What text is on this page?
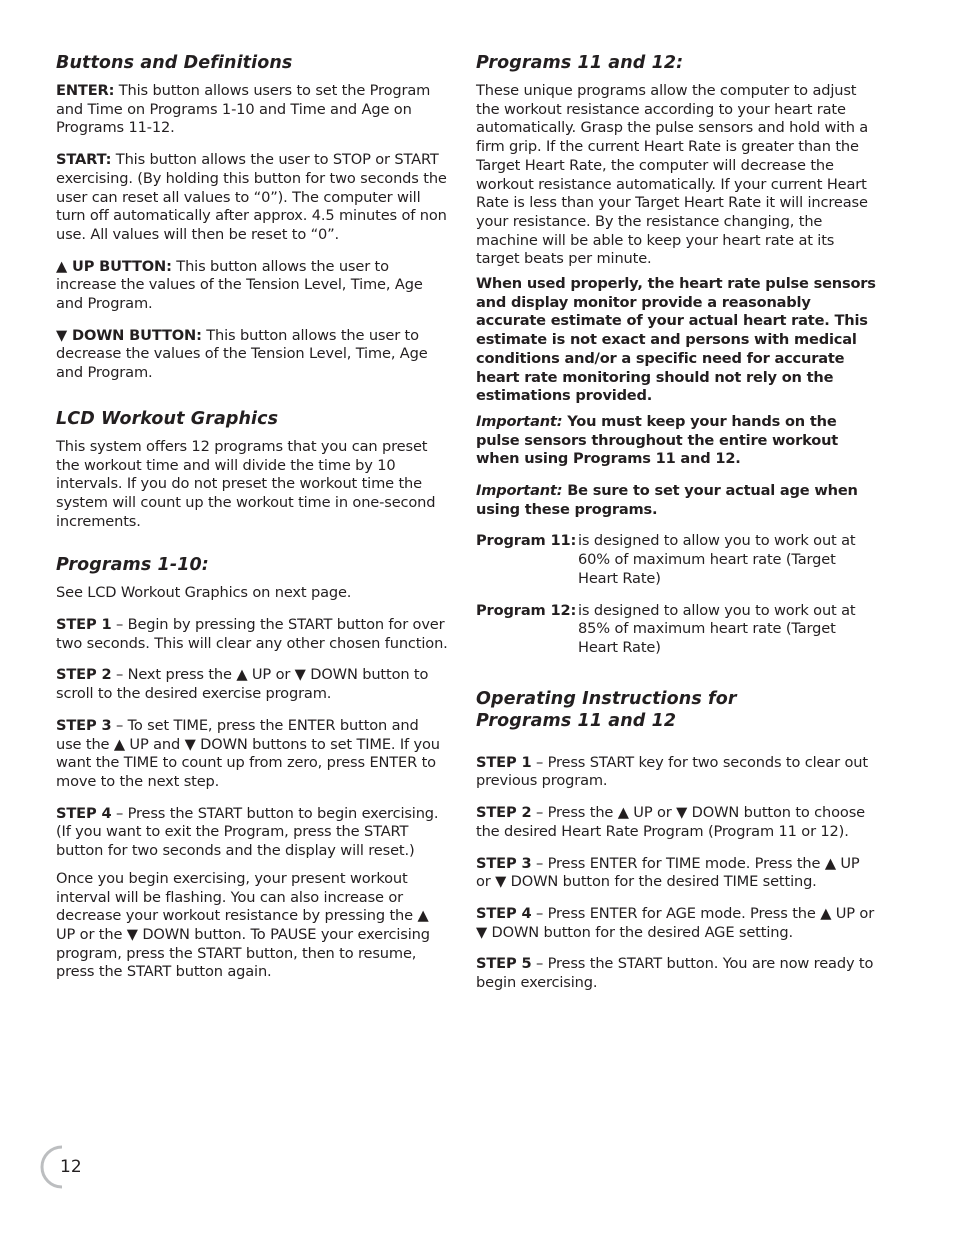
Buttons and Definitions

ENTER: This button allows users to set the Program and Time on Programs 1-10 and Time and Age on Programs 11-12.

START: This button allows the user to STOP or START exercising. (By holding this button for two seconds the user can reset all values to “0”). The computer will turn off automatically after approx. 4.5 minutes of non use. All values will then be reset to “0”.

▲ UP BUTTON: This button allows the user to increase the values of the Tension Level, Time, Age and Program.

▼ DOWN BUTTON: This button allows the user to decrease the values of the Tension Level, Time, Age and Program.

LCD Workout Graphics

This system offers 12 programs that you can preset the workout time and will divide the time by 10 intervals. If you do not preset the workout time the system will count up the workout time in one-second increments.

Programs 1-10:

See LCD Workout Graphics on next page.

STEP 1 – Begin by pressing the START button for over two seconds. This will clear any other chosen function.

STEP 2 – Next press the ▲ UP or ▼ DOWN button to scroll to the desired exercise program.

STEP 3 – To set TIME, press the ENTER button and use the ▲ UP and ▼ DOWN buttons to set TIME. If you want the TIME to count up from zero, press ENTER to move to the next step.

STEP 4 – Press the START button to begin exercising. (If you want to exit the Program, press the START button for two seconds and the display will reset.)

Once you begin exercising, your present workout interval will be flashing. You can also increase or decrease your workout resistance by pressing the ▲ UP or the ▼ DOWN button. To PAUSE your exercising program, press the START button, then to resume, press the START button again.

Programs 11 and 12:

These unique programs allow the computer to adjust the workout resistance according to your heart rate automatically. Grasp the pulse sensors and hold with a firm grip. If the current Heart Rate is greater than the Target Heart Rate, the computer will decrease the workout resistance automatically. If your current Heart Rate is less than your Target Heart Rate it will increase your resistance. By the resistance changing, the machine will be able to keep your heart rate at its target beats per minute.

When used properly, the heart rate pulse sensors and display monitor provide a reasonably accurate estimate of your actual heart rate. This estimate is not exact and persons with medical conditions and/or a specific need for accurate heart rate monitoring should not rely on the estimations provided.

Important: You must keep your hands on the pulse sensors throughout the entire workout when using Programs 11 and 12.

Important: Be sure to set your actual age when using these programs.

Program 11: is designed to allow you to work out at 60% of maximum heart rate (Target Heart Rate)
Program 12: is designed to allow you to work out at 85% of maximum heart rate (Target Heart Rate)
Operating Instructions for
Programs 11 and 12

STEP 1 – Press START key for two seconds to clear out previous program.

STEP 2 – Press the ▲ UP or ▼ DOWN button to choose the desired Heart Rate Program (Program 11 or 12).

STEP 3 – Press ENTER for TIME mode. Press the ▲ UP or ▼ DOWN button for the desired TIME setting.

STEP 4 – Press ENTER for AGE mode. Press the ▲ UP or ▼ DOWN button for the desired AGE setting.

STEP 5 – Press the START button. You are now ready to begin exercising.

12
